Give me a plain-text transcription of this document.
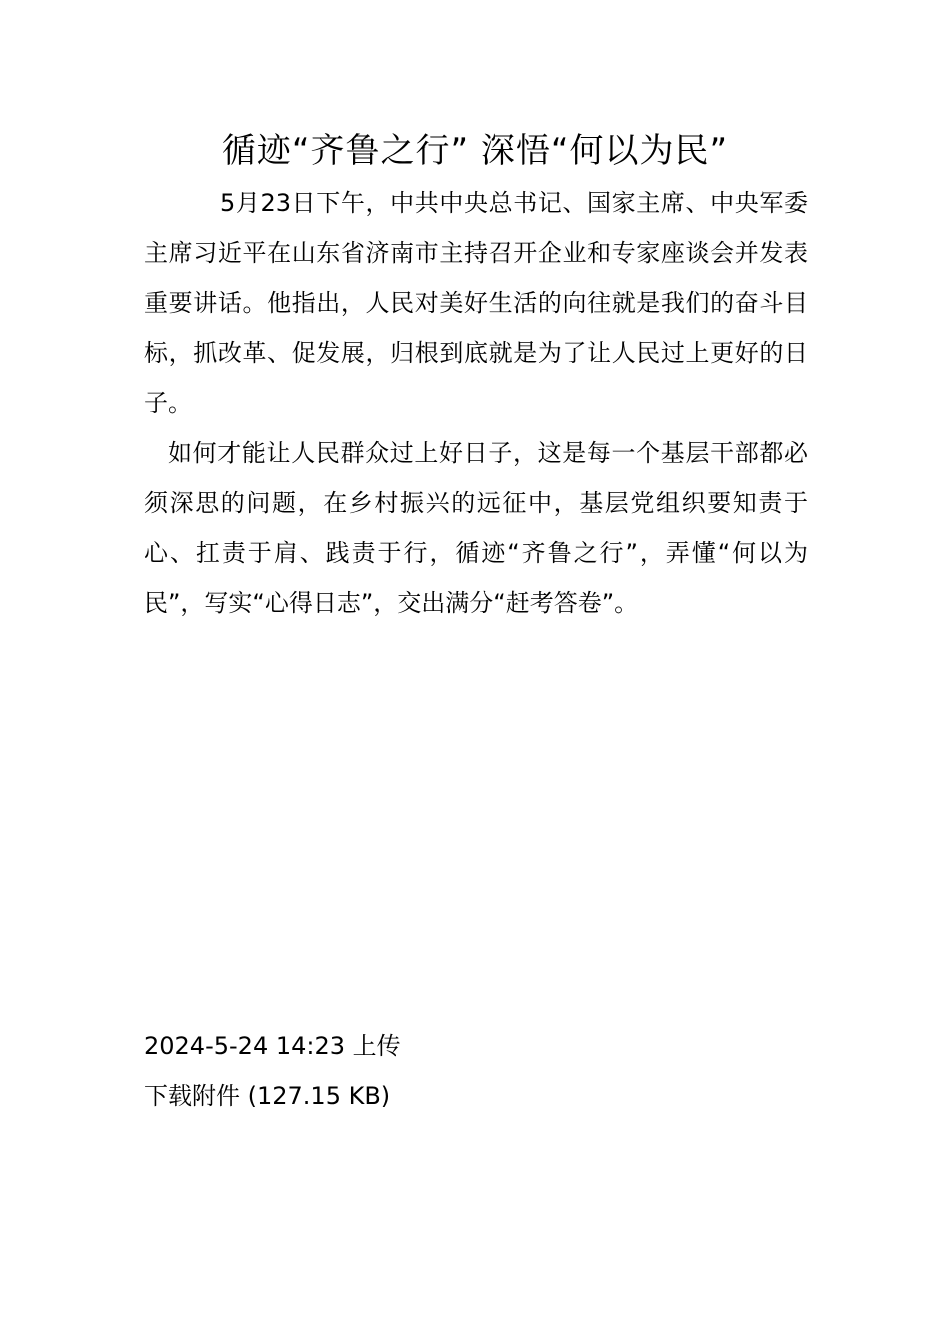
循迹“齐鲁之行” 深悟“何以为民”

5月23日下午，中共中央总书记、国家主席、中央军委主席习近平在山东省济南市主持召开企业和专家座谈会并发表重要讲话。他指出，人民对美好生活的向往就是我们的奋斗目标，抓改革、促发展，归根到底就是为了让人民过上更好的日子。

如何才能让人民群众过上好日子，这是每一个基层干部都必须深思的问题，在乡村振兴的远征中，基层党组织要知责于心、扛责于肩、践责于行，循迹“齐鲁之行”，弄懂“何以为民”，写实“心得日志”，交出满分“赶考答卷”。

2024-5-24 14:23 上传

下载附件 (127.15 KB)
